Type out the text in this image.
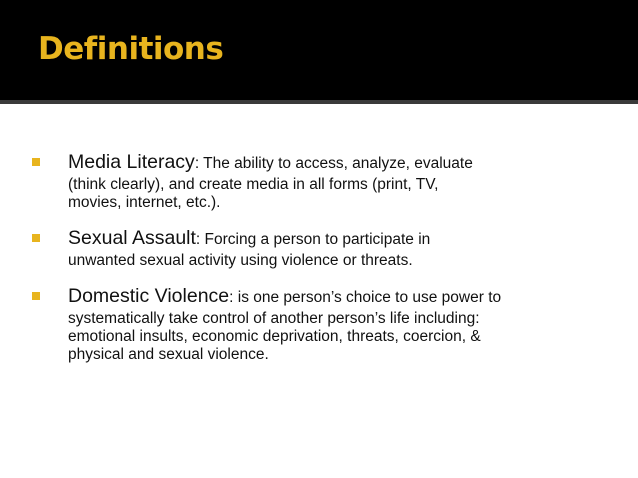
Definitions
Media Literacy: The ability to access, analyze, evaluate
(think clearly), and create media in all forms (print, TV,
movies, internet, etc.).
Sexual Assault: Forcing a person to participate in
unwanted sexual activity using violence or threats.
Domestic Violence: is one person’s choice to use power to
systematically take control of another person’s life including:
emotional insults, economic deprivation, threats, coercion, &
physical and sexual violence.
